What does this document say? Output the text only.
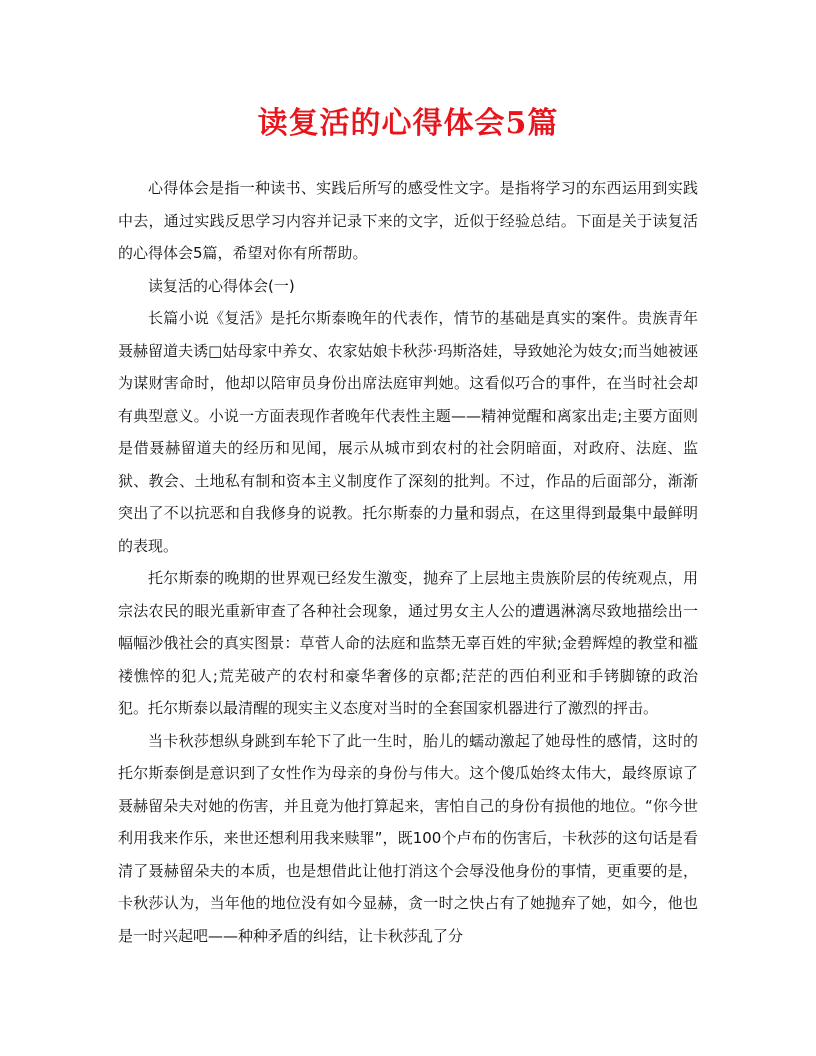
读复活的心得体会5篇

心得体会是指一种读书、实践后所写的感受性文字。是指将学习的东西运用到实践中去，通过实践反思学习内容并记录下来的文字，近似于经验总结。下面是关于读复活的心得体会5篇，希望对你有所帮助。

读复活的心得体会(一)

长篇小说《复活》是托尔斯泰晚年的代表作，情节的基础是真实的案件。贵族青年聂赫留道夫诱□姑母家中养女、农家姑娘卡秋莎·玛斯洛娃，导致她沦为妓女;而当她被诬为谋财害命时，他却以陪审员身份出席法庭审判她。这看似巧合的事件，在当时社会却有典型意义。小说一方面表现作者晚年代表性主题——精神觉醒和离家出走;主要方面则是借聂赫留道夫的经历和见闻，展示从城市到农村的社会阴暗面，对政府、法庭、监狱、教会、土地私有制和资本主义制度作了深刻的批判。不过，作品的后面部分，渐渐突出了不以抗恶和自我修身的说教。托尔斯泰的力量和弱点，在这里得到最集中最鲜明的表现。

托尔斯泰的晚期的世界观已经发生激变，抛弃了上层地主贵族阶层的传统观点，用宗法农民的眼光重新审查了各种社会现象，通过男女主人公的遭遇淋漓尽致地描绘出一幅幅沙俄社会的真实图景：草菅人命的法庭和监禁无辜百姓的牢狱;金碧辉煌的教堂和褴褛憔悴的犯人;荒芜破产的农村和豪华奢侈的京都;茫茫的西伯利亚和手铐脚镣的政治犯。托尔斯泰以最清醒的现实主义态度对当时的全套国家机器进行了激烈的抨击。

当卡秋莎想纵身跳到车轮下了此一生时，胎儿的蠕动激起了她母性的感情，这时的托尔斯泰倒是意识到了女性作为母亲的身份与伟大。这个傻瓜始终太伟大，最终原谅了聂赫留朵夫对她的伤害，并且竟为他打算起来，害怕自己的身份有损他的地位。“你今世利用我来作乐，来世还想利用我来赎罪”，既100个卢布的伤害后，卡秋莎的这句话是看清了聂赫留朵夫的本质，也是想借此让他打消这个会辱没他身份的事情，更重要的是，卡秋莎认为，当年他的地位没有如今显赫，贪一时之快占有了她抛弃了她，如今，他也是一时兴起吧——种种矛盾的纠结，让卡秋莎乱了分
